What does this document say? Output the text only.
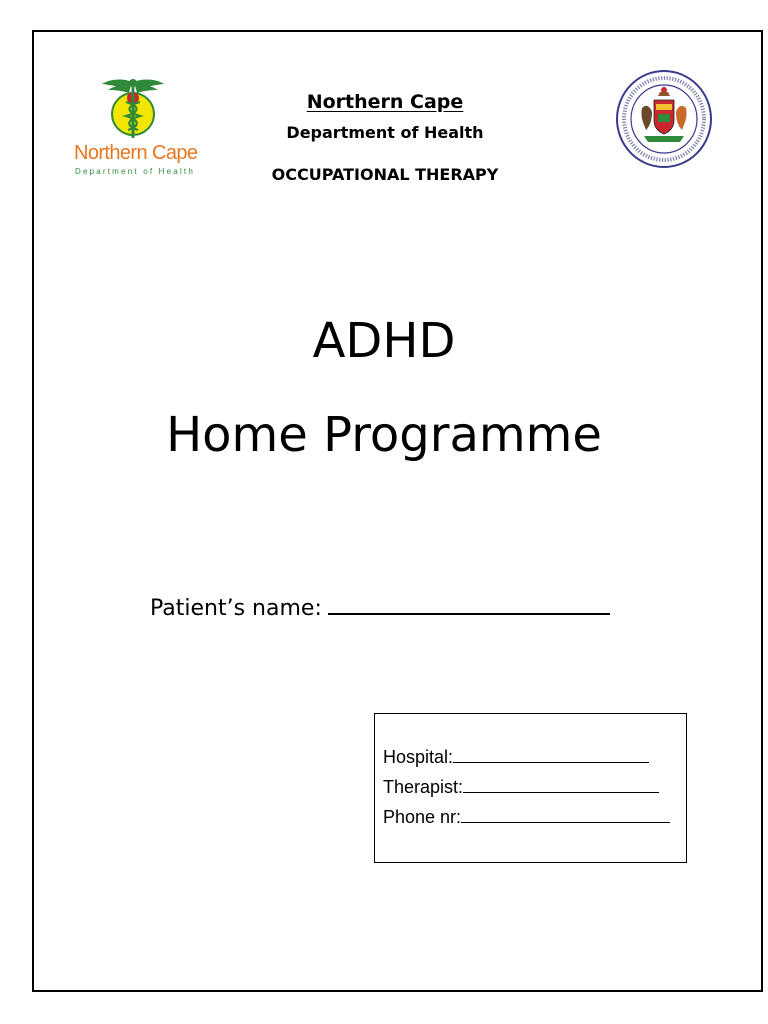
Northern Cape
Department of Health
Northern Cape
Department of Health
OCCUPATIONAL THERAPY
ADHD
Home Programme
Patient’s name:
Hospital:
Therapist:
Phone nr:
